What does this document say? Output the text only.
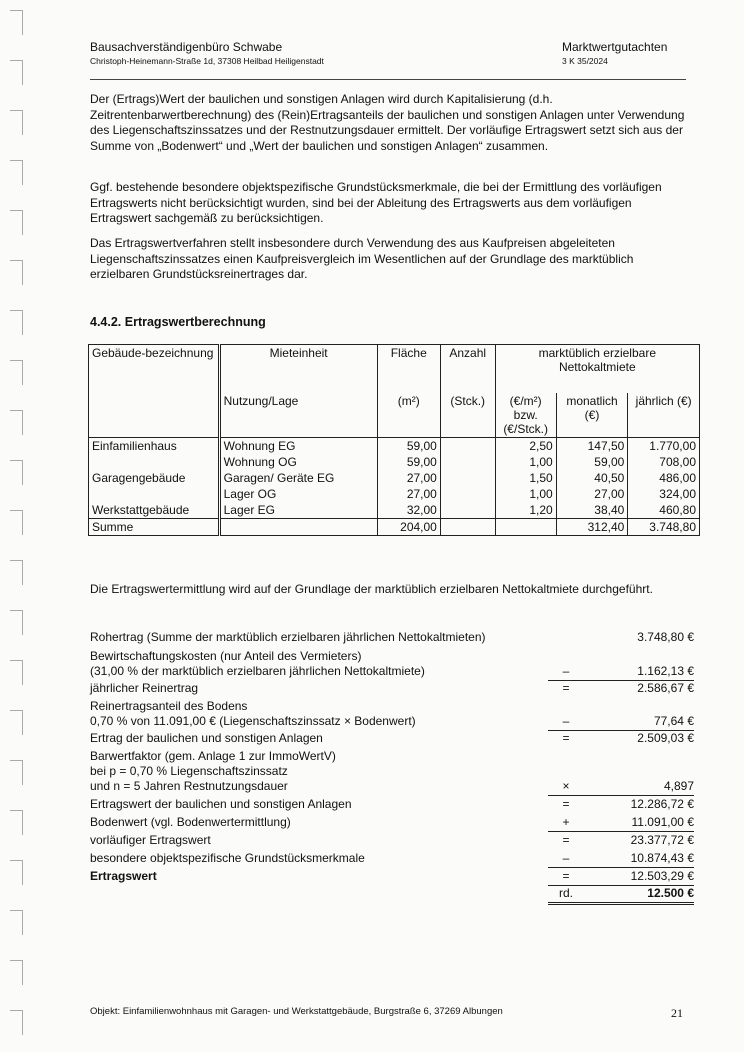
Bausachverständigenbüro Schwabe
Christoph-Heinemann-Straße 1d, 37308 Heilbad Heiligenstadt
Marktwertgutachten
3 K 35/2024

Der (Ertrags)Wert der baulichen und sonstigen Anlagen wird durch Kapitalisierung (d.h. Zeitrentenbarwertberechnung) des (Rein)Ertragsanteils der baulichen und sonstigen Anlagen unter Verwendung des Liegenschaftszinssatzes und der Restnutzungsdauer ermittelt. Der vorläufige Ertragswert setzt sich aus der Summe von „Bodenwert“ und „Wert der baulichen und sonstigen Anlagen“ zusammen.

Ggf. bestehende besondere objektspezifische Grundstücksmerkmale, die bei der Ermittlung des vorläufigen Ertragswerts nicht berücksichtigt wurden, sind bei der Ableitung des Ertragswerts aus dem vorläufigen Ertragswert sachgemäß zu berücksichtigen.

Das Ertragswertverfahren stellt insbesondere durch Verwendung des aus Kaufpreisen abgeleiteten Liegenschaftszinssatzes einen Kaufpreisvergleich im Wesentlichen auf der Grundlage des marktüblich erzielbaren Grundstücksreinertrages dar.

4.4.2. Ertragswertberechnung
Gebäude-bezeichnung	Mieteinheit	Fläche	Anzahl	marktüblich erzielbare Nettokaltmiete		
	Nutzung/Lage	(m²)	(Stck.)	(€/m²) bzw. (€/Stck.)	monatlich (€)	jährlich (€)
Einfamilienhaus	Wohnung EG	59,00		2,50	147,50	1.770,00
	Wohnung OG	59,00		1,00	59,00	708,00
Garagengebäude	Garagen/ Geräte EG	27,00		1,50	40,50	486,00
	Lager OG	27,00		1,00	27,00	324,00
Werkstattgebäude	Lager EG	32,00		1,20	38,40	460,80
Summe		204,00			312,40	3.748,80

Die Ertragswertermittlung wird auf der Grundlage der marktüblich erzielbaren Nettokaltmiete durchgeführt.

Rohertrag (Summe der marktüblich erzielbaren jährlichen Nettokaltmieten)	3.748,80 €
Bewirtschaftungskosten (nur Anteil des Vermieters)
(31,00 % der marktüblich erzielbaren jährlichen Nettokaltmiete)	–	1.162,13 €
jährlicher Reinertrag	=	2.586,67 €
Reinertragsanteil des Bodens
0,70 % von 11.091,00 € (Liegenschaftszinssatz × Bodenwert)	–	77,64 €
Ertrag der baulichen und sonstigen Anlagen	=	2.509,03 €
Barwertfaktor (gem. Anlage 1 zur ImmoWertV)
bei p = 0,70 % Liegenschaftszinssatz
und n = 5 Jahren Restnutzungsdauer	×	4,897
Ertragswert der baulichen und sonstigen Anlagen	=	12.286,72 €
Bodenwert (vgl. Bodenwertermittlung)	+	11.091,00 €
vorläufiger Ertragswert	=	23.377,72 €
besondere objektspezifische Grundstücksmerkmale	–	10.874,43 €
Ertragswert	=	12.503,29 €

rd.	12.500 €
Objekt: Einfamilienwohnhaus mit Garagen- und Werkstattgebäude, Burgstraße 6, 37269 Albungen	21
